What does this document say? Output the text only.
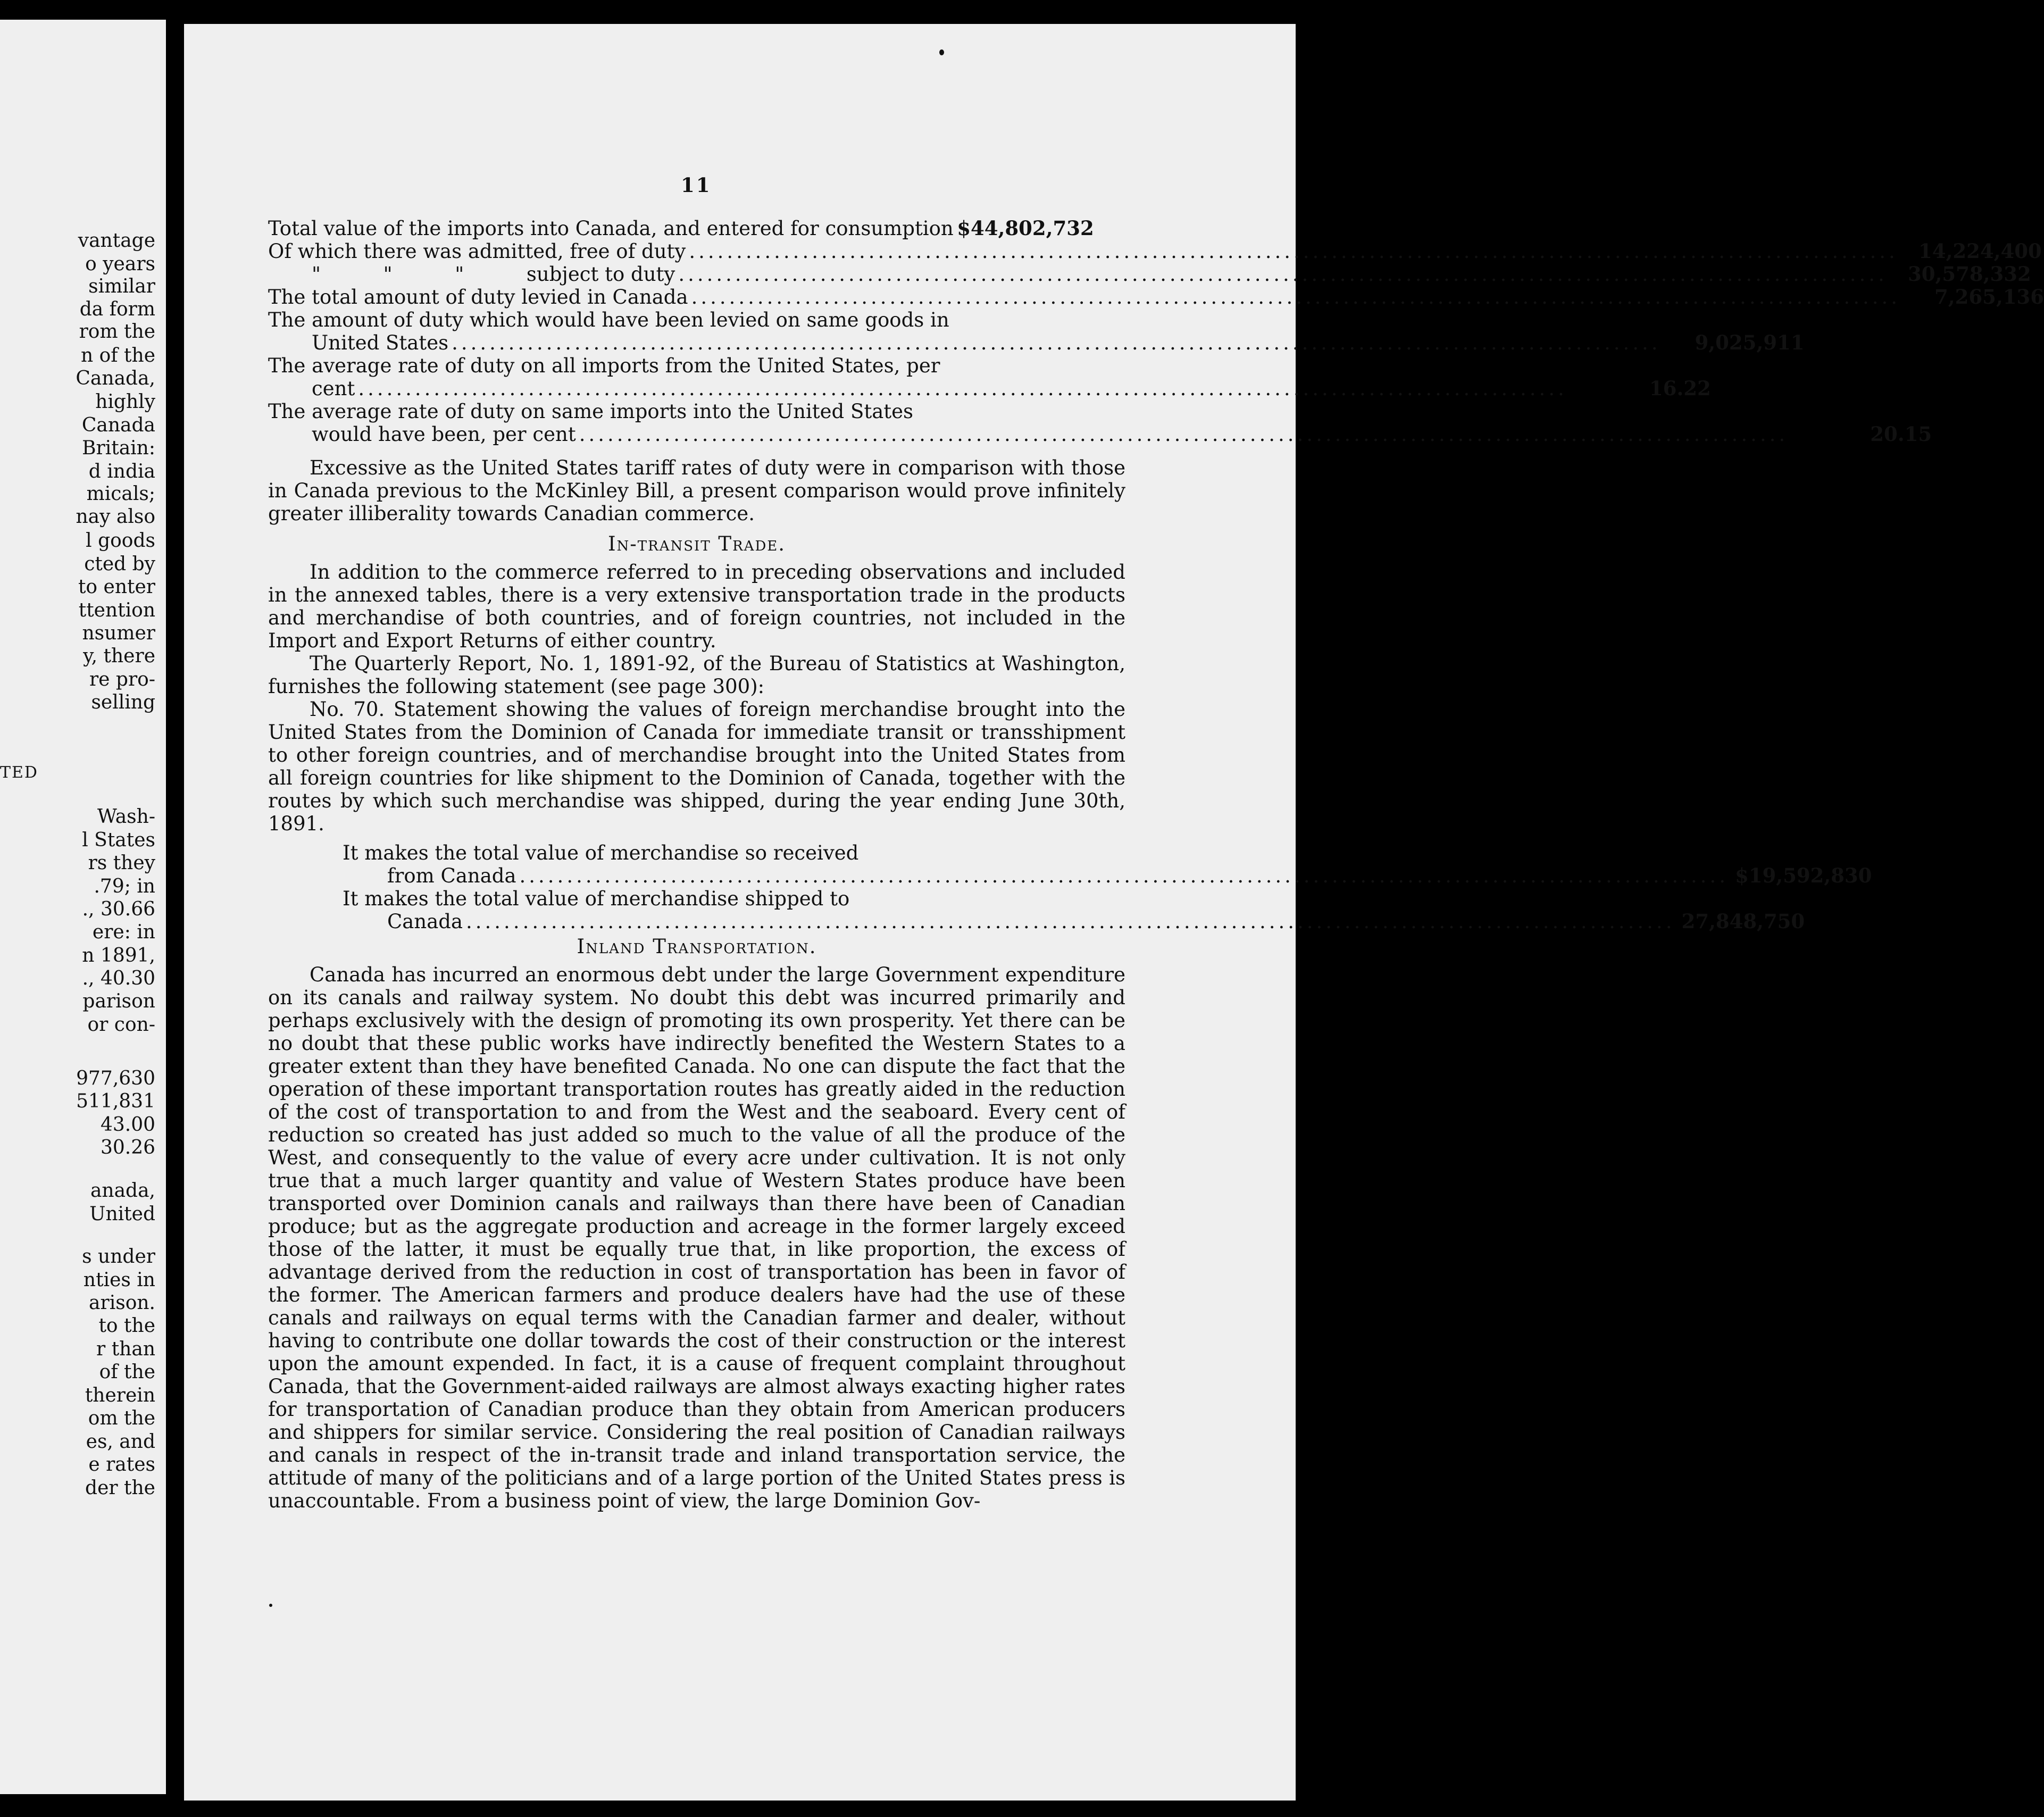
vantage
o years
similar
da form
rom the
n of the
Canada,
highly
Canada
Britain:
d india
micals;
nay also
l goods
cted by
to enter
ttention
nsumer
y, there
re pro-
selling
TED
Wash-
l States
rs they
.79; in
., 30.66
ere: in
n 1891,
., 40.30
parison
or con-
977,630
511,831
43.00
30.26
anada,
United
s under
nties in
arison.
to the
r than
of the
therein
om the
es, and
e rates
der the
11
Total value of the imports into Canada, and entered for consumption $44,802,732
Of which there was admitted, free of duty ................................................................................................................................	14,224,400
"          "          "          subject to duty ................................................................................................................................	30,578,332
The total amount of duty levied in Canada ................................................................................................................................	7,265,136
The amount of duty which would have been levied on same goods in
United States ................................................................................................................................	9,025,911
The average rate of duty on all imports from the United States, per
cent ................................................................................................................................	16.22
The average rate of duty on same imports into the United States
would have been, per cent ................................................................................................................................	20.15

Excessive as the United States tariff rates of duty were in comparison with those in Canada previous to the McKinley Bill, a present comparison would prove infinitely greater illiberality towards Canadian commerce.

In-transit Trade.

In addition to the commerce referred to in preceding observations and included in the annexed tables, there is a very extensive transportation trade in the products and merchandise of both countries, and of foreign countries, not included in the Import and Export Returns of either country.

The Quarterly Report, No. 1, 1891-92, of the Bureau of Statistics at Washington, furnishes the following statement (see page 300):

No. 70. Statement showing the values of foreign merchandise brought into the United States from the Dominion of Canada for immediate transit or transshipment to other foreign countries, and of merchandise brought into the United States from all foreign countries for like shipment to the Dominion of Canada, together with the routes by which such merchandise was shipped, during the year ending June 30th, 1891.

It makes the total value of merchandise so received
from Canada ................................................................................................................................ $19,592,830
It makes the total value of merchandise shipped to
Canada ................................................................................................................................ 27,848,750
Inland Transportation.

Canada has incurred an enormous debt under the large Government expenditure on its canals and railway system. No doubt this debt was incurred primarily and perhaps exclusively with the design of promoting its own prosperity. Yet there can be no doubt that these public works have indirectly benefited the Western States to a greater extent than they have benefited Canada. No one can dispute the fact that the operation of these important transportation routes has greatly aided in the reduction of the cost of transportation to and from the West and the seaboard. Every cent of reduction so created has just added so much to the value of all the produce of the West, and consequently to the value of every acre under cultivation. It is not only true that a much larger quantity and value of Western States produce have been transported over Dominion canals and railways than there have been of Canadian produce; but as the aggregate production and acreage in the former largely exceed those of the latter, it must be equally true that, in like proportion, the excess of advantage derived from the reduction in cost of transportation has been in favor of the former. The American farmers and produce dealers have had the use of these canals and railways on equal terms with the Canadian farmer and dealer, without having to contribute one dollar towards the cost of their construction or the interest upon the amount expended. In fact, it is a cause of frequent complaint throughout Canada, that the Government-aided railways are almost always exacting higher rates for transportation of Canadian produce than they obtain from American producers and shippers for similar service. Considering the real position of Canadian railways and canals in respect of the in-transit trade and inland transportation service, the attitude of many of the politicians and of a large portion of the United States press is unaccountable. From a business point of view, the large Dominion Gov-
